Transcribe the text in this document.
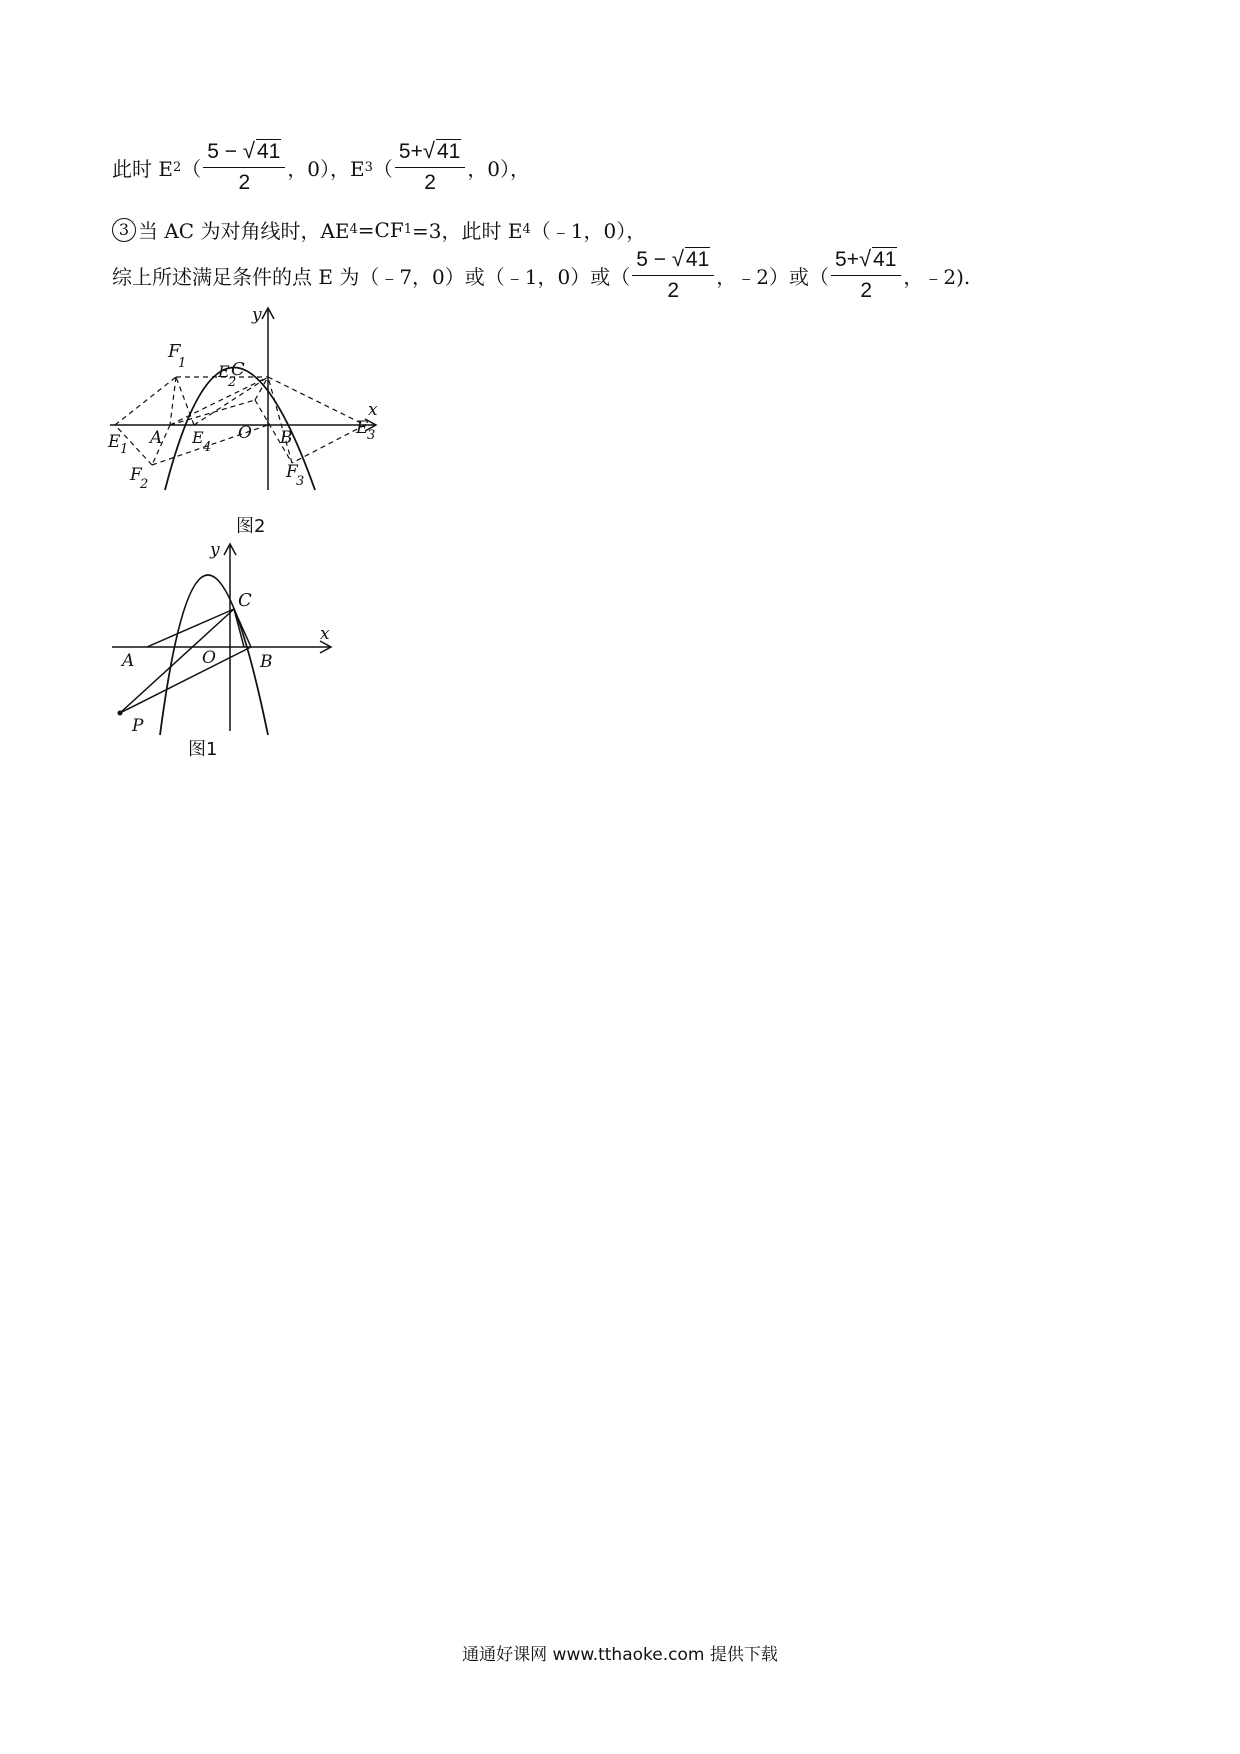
此时 E 2 （ $\frac{5 - √41}{2}$ ，0），E 3 （ $\frac{5+√41}{2}$ ，0），
3 当 AC 为对角线时，AE 4 =CF 1 =3，此时 E 4 （﹣1，0），
综上所述满足条件的点 E 为（﹣7，0）或（﹣1，0）或（ $\frac{5 - √41}{2}$ ，﹣2）或（ $\frac{5+√41}{2}$ ，﹣2).
C
F
1 E
2
O
A	B
E 1
E
4
E
3
F
2
F
3
y
x
图2
C
A	O	B
P
y
x
图1
通通好课网 www.tthaoke.com 提供下载
